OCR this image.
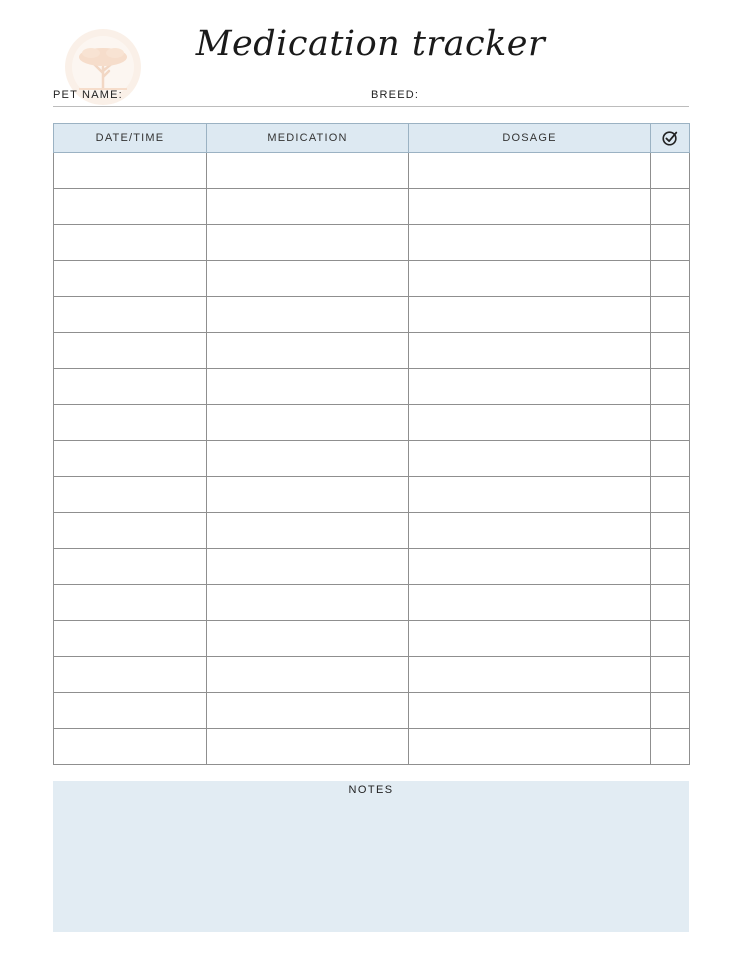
Medication tracker
PET NAME:	BREED:
DATE/TIME	MEDICATION	DOSAGE	

NOTES
